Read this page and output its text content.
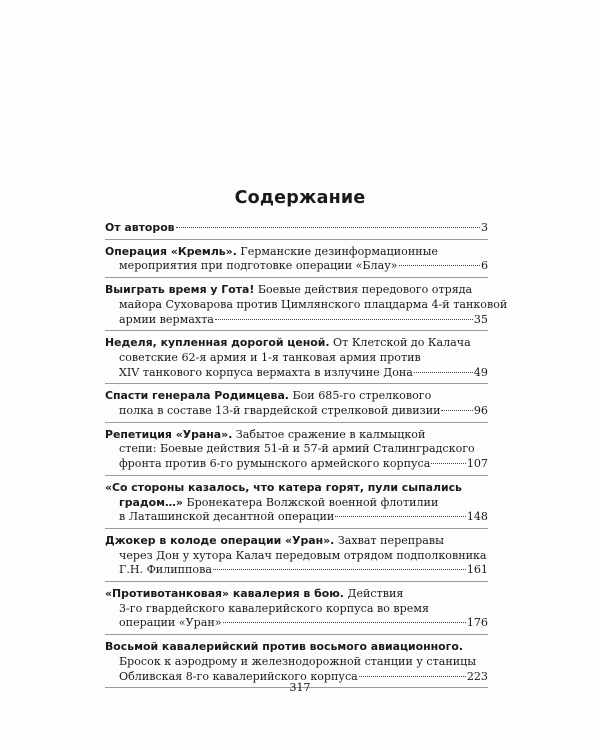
Содержание
От авторов	3
Операция «Кремль». Германские дезинформационные
мероприятия при подготовке операции «Блау»	6
Выиграть время у Гота! Боевые действия передового отряда
майора Суховарова против Цимлянского плацдарма 4-й танковой
армии вермахта	35
Неделя, купленная дорогой ценой. От Клетской до Калача
советские 62-я армия и 1-я танковая армия против
XIV танкового корпуса вермахта в излучине Дона	49
Спасти генерала Родимцева. Бои 685-го стрелкового
полка в составе 13-й гвардейской стрелковой дивизии	96
Репетиция «Урана». Забытое сражение в калмыцкой
степи: Боевые действия 51-й и 57-й армий Сталинградского
фронта против 6-го румынского армейского корпуса	107
«Со стороны казалось, что катера горят, пули сыпались
градом…» Бронекатера Волжской военной флотилии
в Латашинской десантной операции	148
Джокер в колоде операции «Уран». Захват переправы
через Дон у хутора Калач передовым отрядом подполковника
Г.Н. Филиппова	161
«Противотанковая» кавалерия в бою. Действия
3-го гвардейского кавалерийского корпуса во время
операции «Уран»	176
Восьмой кавалерийский против восьмого авиационного.
Бросок к аэродрому и железнодорожной станции у станицы
Обливская 8-го кавалерийского корпуса	223
317
